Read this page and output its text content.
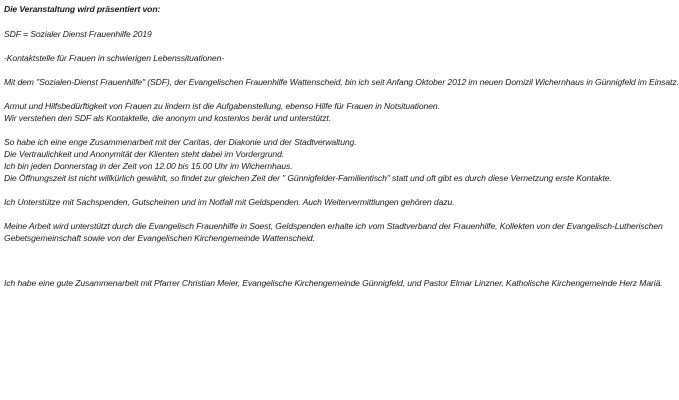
Die Veranstaltung wird präsentiert von:
SDF = Sozialer Dienst Frauenhilfe 2019
-Kontaktstelle für Frauen in schwierigen Lebenssituationen-
Mit dem "Sozialen-Dienst Frauenhilfe" (SDF), der Evangelischen Frauenhilfe Wattenscheid, bin ich seit Anfang Oktober 2012 im neuen Domizil Wichernhaus in Günnigfeld im Einsatz.
Armut und Hilfsbedürftigkeit von Frauen zu lindern ist die Aufgabenstellung, ebenso Hilfe für Frauen in Notsituationen.
Wir verstehen den SDF als Kontaktelle, die anonym und kostenlos berät und unterstützt.
So habe ich eine enge Zusammenarbeit mit der Caritas, der Diakonie und der Stadtverwaltung.
Die Vertraulichkeit und Anonymität der Klienten steht dabei im Vordergrund.
Ich bin jeden Donnerstag in der Zeit von 12.00 bis 15.00 Uhr im Wichernhaus.
Die Öffnungszeit ist nicht willkürlich gewählt, so findet zur gleichen Zeit der " Günnigfelder-Familientisch" statt und oft gibt es durch diese Vernetzung erste Kontakte.
Ich Unterstütze mit Sachspenden, Gutscheinen und im Notfall mit Geldspenden. Auch Weitervermittlungen gehören dazu.
Meine Arbeit wird unterstützt durch die Evangelisch Frauenhilfe in Soest, Geldspenden erhalte ich vom Stadtverband der Frauenhilfe, Kollekten von der Evangelisch-Lutherischen
Gebetsgemeinschaft sowie von der Evangelischen Kirchengemeinde Wattenscheid.
Ich habe eine gute Zusammenarbeit mit Pfarrer Christian Meier, Evangelische Kirchengemeinde Günnigfeld, und Pastor Elmar Linzner, Katholische Kirchengemeinde Herz Mariä.
